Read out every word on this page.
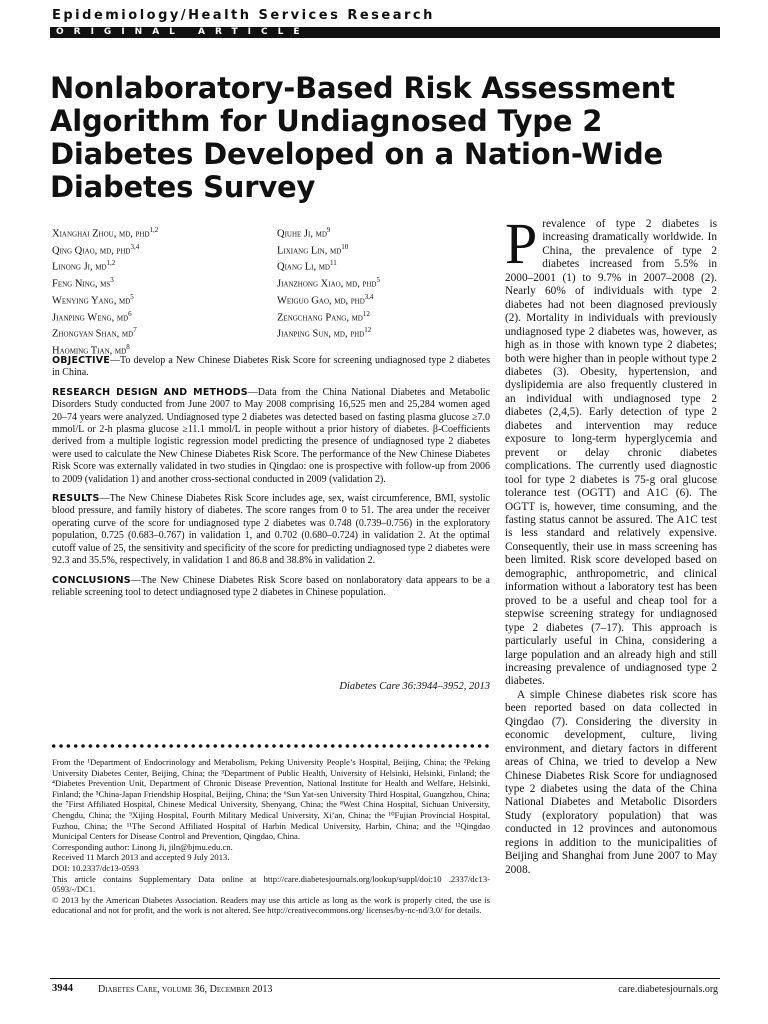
Epidemiology/Health Services Research
ORIGINAL ARTICLE
Nonlaboratory-Based Risk Assessment Algorithm for Undiagnosed Type 2 Diabetes Developed on a Nation-Wide Diabetes Survey
Xianghai Zhou, md, phd$^{1,2}$
Qing Qiao, md, phd$^{3,4}$
Linong Ji, md$^{1,2}$
Feng Ning, $ms^3$
Wenying Yang, $md^5$
Jianping Weng, $md^6$
Zhongyan Shan, $md^7$
Haoming Tian, $md^8$
Qiuhe Ji, $md^9$
Lixiang Lin, $md^{10}$
Qiang Li, $md^{11}$
Jianzhong Xiao, md, phd$^5$
Weiguo Gao, md, phd$^{3,4}$
Zengchang Pang, $md^{12}$
Jianping Sun, md, phd$^{12}$

OBJECTIVE—To develop a New Chinese Diabetes Risk Score for screening undiagnosed type 2 diabetes in China.

RESEARCH DESIGN AND METHODS—Data from the China National Diabetes and Metabolic Disorders Study conducted from June 2007 to May 2008 comprising 16,525 men and 25,284 women aged 20–74 years were analyzed. Undiagnosed type 2 diabetes was detected based on fasting plasma glucose ≥7.0 mmol/L or 2-h plasma glucose ≥11.1 mmol/L in people without a prior history of diabetes. β-Coefficients derived from a multiple logistic regression model predicting the presence of undiagnosed type 2 diabetes were used to calculate the New Chinese Diabetes Risk Score. The performance of the New Chinese Diabetes Risk Score was externally validated in two studies in Qingdao: one is prospective with follow-up from 2006 to 2009 (validation 1) and another cross-sectional conducted in 2009 (validation 2).

RESULTS—The New Chinese Diabetes Risk Score includes age, sex, waist circumference, BMI, systolic blood pressure, and family history of diabetes. The score ranges from 0 to 51. The area under the receiver operating curve of the score for undiagnosed type 2 diabetes was 0.748 (0.739–0.756) in the exploratory population, 0.725 (0.683–0.767) in validation 1, and 0.702 (0.680–0.724) in validation 2. At the optimal cutoff value of 25, the sensitivity and specificity of the score for predicting undiagnosed type 2 diabetes were 92.3 and 35.5%, respectively, in validation 1 and 86.8 and 38.8% in validation 2.

CONCLUSIONS—The New Chinese Diabetes Risk Score based on nonlaboratory data appears to be a reliable screening tool to detect undiagnosed type 2 diabetes in Chinese population.

Diabetes Care 36:3944–3952, 2013

From the ¹Department of Endocrinology and Metabolism, Peking University People’s Hospital, Beijing, China; the ²Peking University Diabetes Center, Beijing, China; the ³Department of Public Health, University of Helsinki, Helsinki, Finland; the ⁴Diabetes Prevention Unit, Department of Chronic Disease Prevention, National Institute for Health and Welfare, Helsinki, Finland; the ⁵China-Japan Friendship Hospital, Beijing, China; the ⁶Sun Yat-sen University Third Hospital, Guangzhou, China; the ⁷First Affiliated Hospital, Chinese Medical University, Shenyang, China; the ⁸West China Hospital, Sichuan University, Chengdu, China; the ⁹Xijing Hospital, Fourth Military Medical University, Xi’an, China; the ¹⁰Fujian Provincial Hospital, Fuzhou, China; the ¹¹The Second Affiliated Hospital of Harbin Medical University, Harbin, China; and the ¹²Qingdao Municipal Centers for Disease Control and Prevention, Qingdao, China.

Corresponding author: Linong Ji, jiln@bjmu.edu.cn.

Received 11 March 2013 and accepted 9 July 2013.

DOI: 10.2337/dc13-0593

This article contains Supplementary Data online at http://care.diabetesjournals.org/lookup/suppl/doi:10 .2337/dc13-0593/-/DC1.

© 2013 by the American Diabetes Association. Readers may use this article as long as the work is properly cited, the use is educational and not for profit, and the work is not altered. See http://creativecommons.org/ licenses/by-nc-nd/3.0/ for details.

Prevalence of type 2 diabetes is increasing dramatically worldwide. In China, the prevalence of type 2 diabetes increased from 5.5% in 2000–2001 (1) to 9.7% in 2007–2008 (2). Nearly 60% of individuals with type 2 diabetes had not been diagnosed previously (2). Mortality in individuals with previously undiagnosed type 2 diabetes was, however, as high as in those with known type 2 diabetes; both were higher than in people without type 2 diabetes (3). Obesity, hypertension, and dyslipidemia are also frequently clustered in an individual with undiagnosed type 2 diabetes (2,4,5). Early detection of type 2 diabetes and intervention may reduce exposure to long-term hyperglycemia and prevent or delay chronic diabetes complications. The currently used diagnostic tool for type 2 diabetes is 75-g oral glucose tolerance test (OGTT) and A1C (6). The OGTT is, however, time consuming, and the fasting status cannot be assured. The A1C test is less standard and relatively expensive. Consequently, their use in mass screening has been limited. Risk score developed based on demographic, anthropometric, and clinical information without a laboratory test has been proved to be a useful and cheap tool for a stepwise screening strategy for undiagnosed type 2 diabetes (7–17). This approach is particularly useful in China, considering a large population and an already high and still increasing prevalence of undiagnosed type 2 diabetes.

A simple Chinese diabetes risk score has been reported based on data collected in Qingdao (7). Considering the diversity in economic development, culture, living environment, and dietary factors in different areas of China, we tried to develop a New Chinese Diabetes Risk Score for undiagnosed type 2 diabetes using the data of the China National Diabetes and Metabolic Disorders Study (exploratory population) that was conducted in 12 provinces and autonomous regions in addition to the municipalities of Beijing and Shanghai from June 2007 to May 2008.

3944	Diabetes Care, volume 36, December 2013	care.diabetesjournals.org
